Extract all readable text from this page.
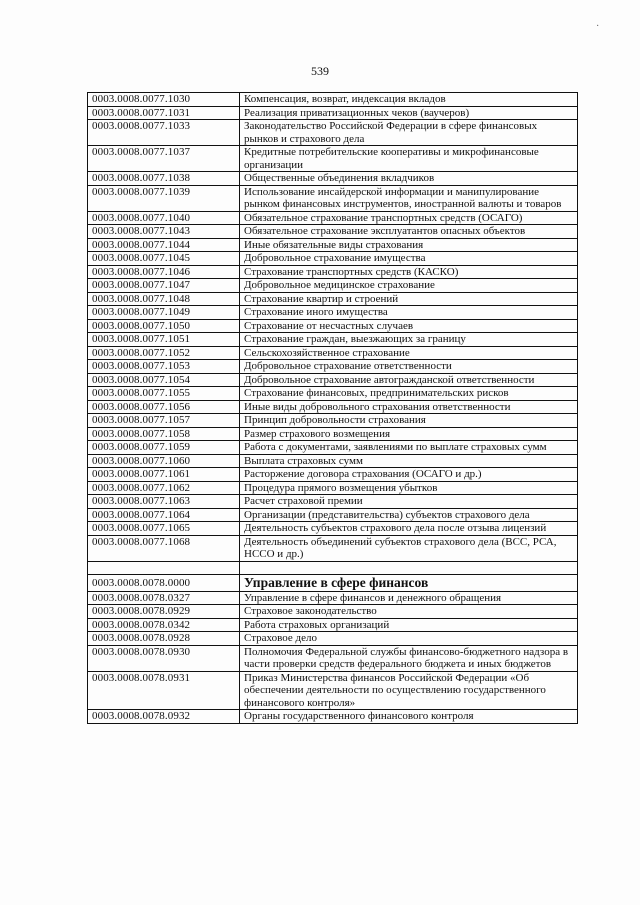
·
539
0003.0008.0077.1030	Компенсация, возврат, индексация вкладов
0003.0008.0077.1031	Реализация приватизационных чеков (ваучеров)
0003.0008.0077.1033	Законодательство Российской Федерации в сфере финансовых рынков и страхового дела
0003.0008.0077.1037	Кредитные потребительские кооперативы и микрофинансовые организации
0003.0008.0077.1038	Общественные объединения вкладчиков
0003.0008.0077.1039	Использование инсайдерской информации и манипулирование рынком финансовых инструментов, иностранной валюты и товаров
0003.0008.0077.1040	Обязательное страхование транспортных средств (ОСАГО)
0003.0008.0077.1043	Обязательное страхование эксплуатантов опасных объектов
0003.0008.0077.1044	Иные обязательные виды страхования
0003.0008.0077.1045	Добровольное страхование имущества
0003.0008.0077.1046	Страхование транспортных средств (КАСКО)
0003.0008.0077.1047	Добровольное медицинское страхование
0003.0008.0077.1048	Страхование квартир и строений
0003.0008.0077.1049	Страхование иного имущества
0003.0008.0077.1050	Страхование от несчастных случаев
0003.0008.0077.1051	Страхование граждан, выезжающих за границу
0003.0008.0077.1052	Сельскохозяйственное страхование
0003.0008.0077.1053	Добровольное страхование ответственности
0003.0008.0077.1054	Добровольное страхование автогражданской ответственности
0003.0008.0077.1055	Страхование финансовых, предпринимательских рисков
0003.0008.0077.1056	Иные виды добровольного страхования ответственности
0003.0008.0077.1057	Принцип добровольности страхования
0003.0008.0077.1058	Размер страхового возмещения
0003.0008.0077.1059	Работа с документами, заявлениями по выплате страховых сумм
0003.0008.0077.1060	Выплата страховых сумм
0003.0008.0077.1061	Расторжение договора страхования (ОСАГО и др.)
0003.0008.0077.1062	Процедура прямого возмещения убытков
0003.0008.0077.1063	Расчет страховой премии
0003.0008.0077.1064	Организации (представительства) субъектов страхового дела
0003.0008.0077.1065	Деятельность субъектов страхового дела после отзыва лицензий
0003.0008.0077.1068	Деятельность объединений субъектов страхового дела (ВСС, РСА, НССО и др.)

0003.0008.0078.0000	Управление в сфере финансов
0003.0008.0078.0327	Управление в сфере финансов и денежного обращения
0003.0008.0078.0929	Страховое законодательство
0003.0008.0078.0342	Работа страховых организаций
0003.0008.0078.0928	Страховое дело
0003.0008.0078.0930	Полномочия Федеральной службы финансово-бюджетного надзора в части проверки средств федерального бюджета и иных бюджетов
0003.0008.0078.0931	Приказ Министерства финансов Российской Федерации «Об обеспечении деятельности по осуществлению государственного финансового контроля»
0003.0008.0078.0932	Органы государственного финансового контроля
